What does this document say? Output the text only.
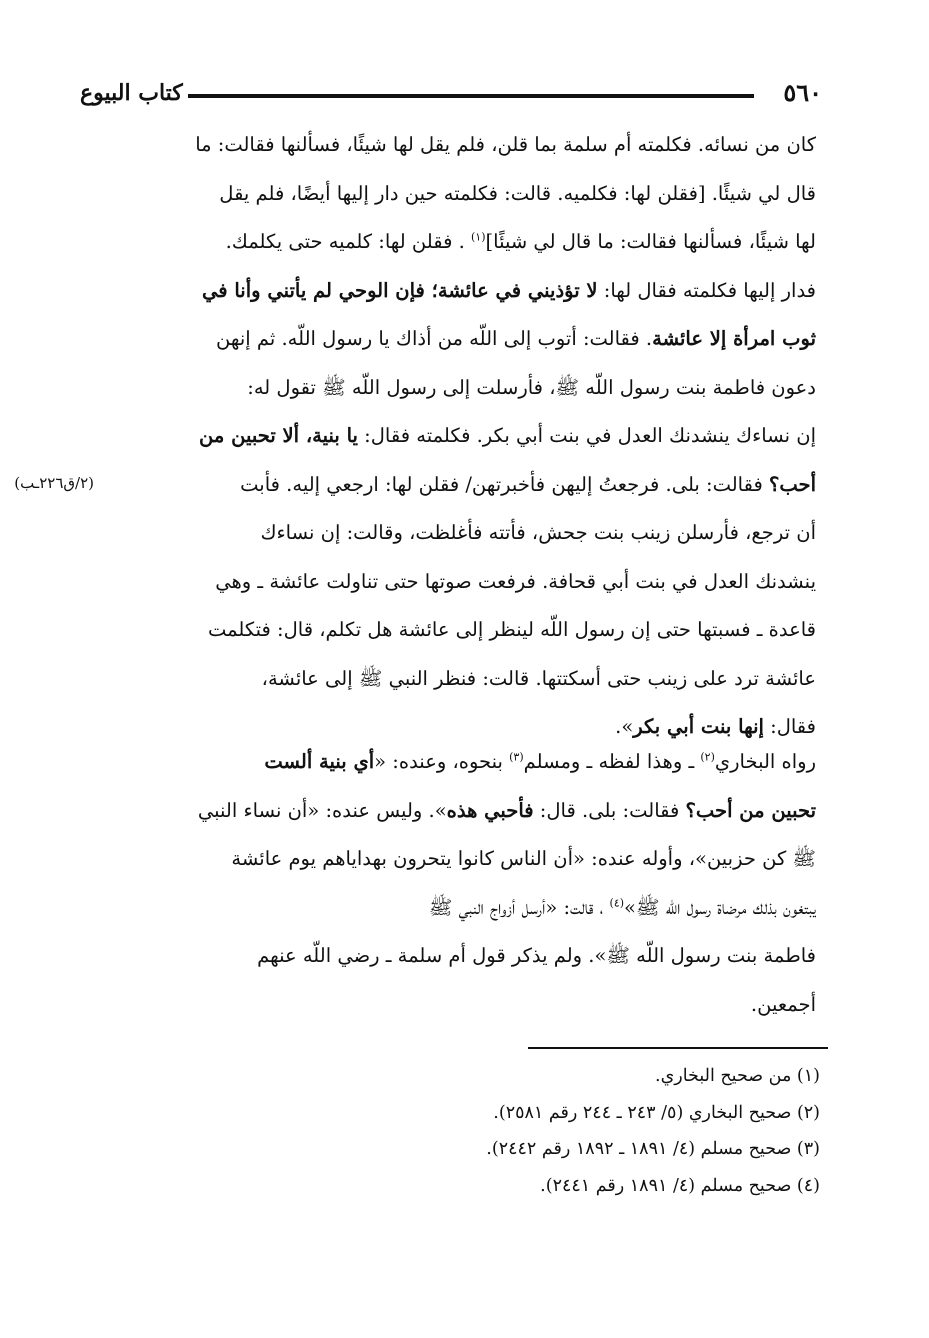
كتاب البيوع	٥٦٠
(٢/ق٢٢٦ـب)
كان من نسائه. فكلمته أم سلمة بما قلن، فلم يقل لها شيئًا، فسألنها فقالت: ما
قال لي شيئًا. [فقلن لها: فكلميه. قالت: فكلمته حين دار إليها أيضًا، فلم يقل
لها شيئًا، فسألنها فقالت: ما قال لي شيئًا]$^{(١)}$ . فقلن لها: كلميه حتى يكلمك.
فدار إليها فكلمته فقال لها: لا تؤذيني في عائشة؛ فإن الوحي لم يأتني وأنا في
ثوب امرأة إلا عائشة. فقالت: أتوب إلى اللّه من أذاك يا رسول اللّه. ثم إنهن
دعون فاطمة بنت رسول اللّه ﷺ، فأرسلت إلى رسول اللّه ﷺ تقول له:
إن نساءك ينشدنك العدل في بنت أبي بكر. فكلمته فقال: يا بنية، ألا تحبين من
أحب؟ فقالت: بلى. فرجعتُ إليهن فأخبرتهن/ فقلن لها: ارجعي إليه. فأبت
أن ترجع، فأرسلن زينب بنت جحش، فأتته فأغلظت، وقالت: إن نساءك
ينشدنك العدل في بنت أبي قحافة. فرفعت صوتها حتى تناولت عائشة ـ وهي
قاعدة ـ فسبتها حتى إن رسول اللّه لينظر إلى عائشة هل تكلم، قال: فتكلمت
عائشة ترد على زينب حتى أسكتتها. قالت: فنظر النبي ﷺ إلى عائشة،
فقال: إنها بنت أبي بكر».
رواه البخاري$^{(٢)}$ ـ وهذا لفظه ـ ومسلم$^{(٣)}$ بنحوه، وعنده: «أي بنية ألست
تحبين من أحب؟ فقالت: بلى. قال: فأحبي هذه». وليس عنده: «أن نساء النبي
ﷺ كن حزبين»، وأوله عنده: «أن الناس كانوا يتحرون بهداياهم يوم عائشة
يبتغون بذلك مرضاة رسول اللّه ﷺ»$^{(٤)}$ ، قالت: «أرسل أزواج النبي ﷺ
فاطمة بنت رسول اللّه ﷺ». ولم يذكر قول أم سلمة ـ رضي اللّه عنهم
أجمعين.
(١) من صحيح البخاري.
(٢) صحيح البخاري (٥/ ٢٤٣ ـ ٢٤٤ رقم ٢٥٨١).
(٣) صحيح مسلم (٤/ ١٨٩١ ـ ١٨٩٢ رقم ٢٤٤٢).
(٤) صحيح مسلم (٤/ ١٨٩١ رقم ٢٤٤١).
